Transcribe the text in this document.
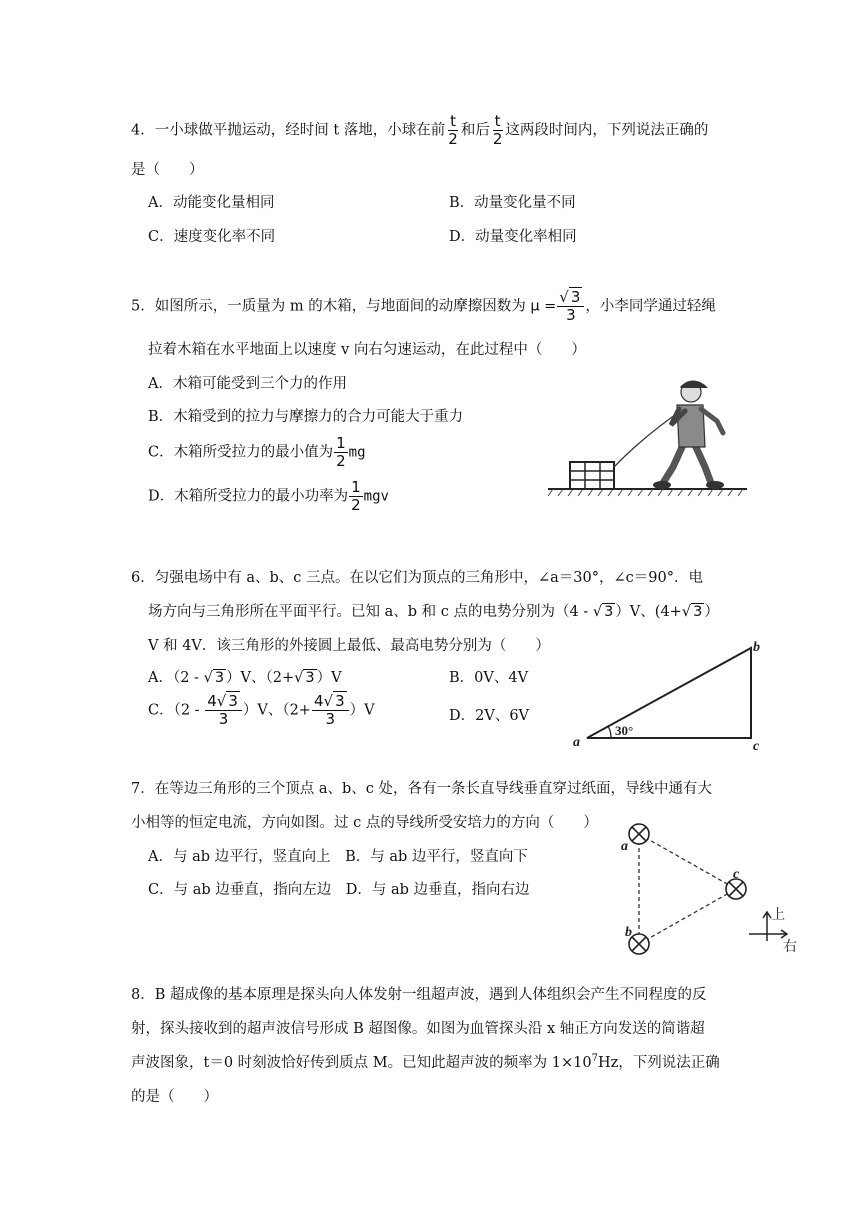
4．一小球做平抛运动，经时间 t 落地，小球在前 $\frac{t}{2}$ 和后 $\frac{t}{2}$ 这两段时间内，下列说法正确的
是（　　）
A．动能变化量相同	B．动量变化量不同
C．速度变化率不同	D．动量变化率相同
5．如图所示，一质量为 m 的木箱，与地面间的动摩擦因数为 $\mu = \frac{√ 3}{3}$ ，小李同学通过轻绳
拉着木箱在水平地面上以速度 v 向右匀速运动，在此过程中（　　）
A．木箱可能受到三个力的作用
B．木箱受到的拉力与摩擦力的合力可能大于重力
C．木箱所受拉力的最小值为 $\frac{1}{2}$ mg
D．木箱所受拉力的最小功率为 $\frac{1}{2}$ mgv
6．匀强电场中有 a、b、c 三点。在以它们为顶点的三角形中，∠a＝30°，∠c＝90°．电
场方向与三角形所在平面平行。已知 a、b 和 c 点的电势分别为（4 - √ 3 ）V、(4+√ 3 ）
V 和 4V．该三角形的外接圆上最低、最高电势分别为（　　）
A．（2 - √ 3 ）V、（2+√ 3 ）V	B．0V、4V
C．$(2 - \frac{4√ 3}{3} )V$、$(2+ \frac{4√ 3}{3} )V$	D．2V、6V
30°
a
b
c
7．在等边三角形的三个顶点 a、b、c 处，各有一条长直导线垂直穿过纸面，导线中通有大
小相等的恒定电流，方向如图。过 c 点的导线所受安培力的方向（　　）
A．与 ab 边平行，竖直向上　B．与 ab 边平行，竖直向下
C．与 ab 边垂直，指向左边　D．与 ab 边垂直，指向右边
a
c
b
上
右
8．B 超成像的基本原理是探头向人体发射一组超声波，遇到人体组织会产生不同程度的反
射，探头接收到的超声波信号形成 B 超图像。如图为血管探头沿 x 轴正方向发送的简谐超
声波图象，t＝0 时刻波恰好传到质点 M。已知此超声波的频率为 $1\times 10^7Hz$，下列说法正确
的是（　　）
